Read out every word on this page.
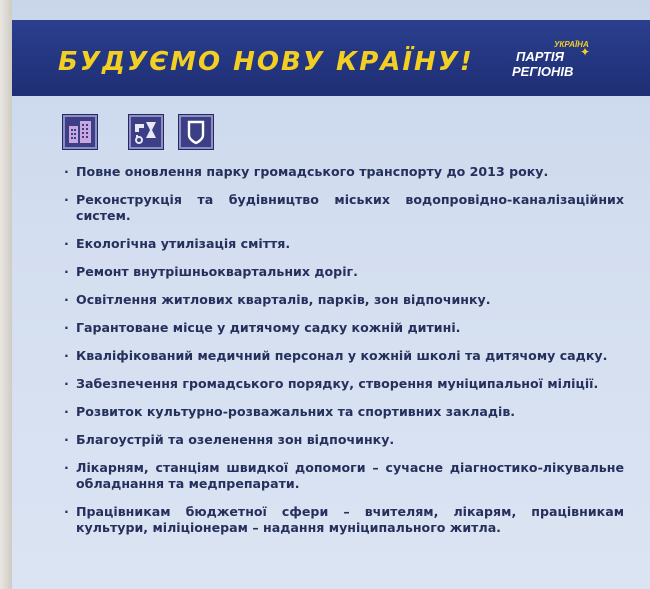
БУДУЄМО НОВУ КРАЇНУ!
УКРАЇНА
✦
ПАРТІЯ
РЕГІОНІВ
· Повне оновлення парку громадського транспорту до 2013 року.
· Реконструкція та будівництво міських водопровідно-каналізаційних систем.
· Екологічна утилізація сміття.
· Ремонт внутрішньоквартальних доріг.
· Освітлення житлових кварталів, парків, зон відпочинку.
· Гарантоване місце у дитячому садку кожній дитині.
· Кваліфікований медичний персонал у кожній школі та дитячому садку.
· Забезпечення громадського порядку, створення муніципальної міліції.
· Розвиток культурно-розважальних та спортивних закладів.
· Благоустрій та озеленення зон відпочинку.
· Лікарням, станціям швидкої допомоги – сучасне діагностико-лікувальне обладнання та медпрепарати.
· Працівникам бюджетної сфери – вчителям, лікарям, працівникам культури, міліціонерам – надання муніципального житла.
